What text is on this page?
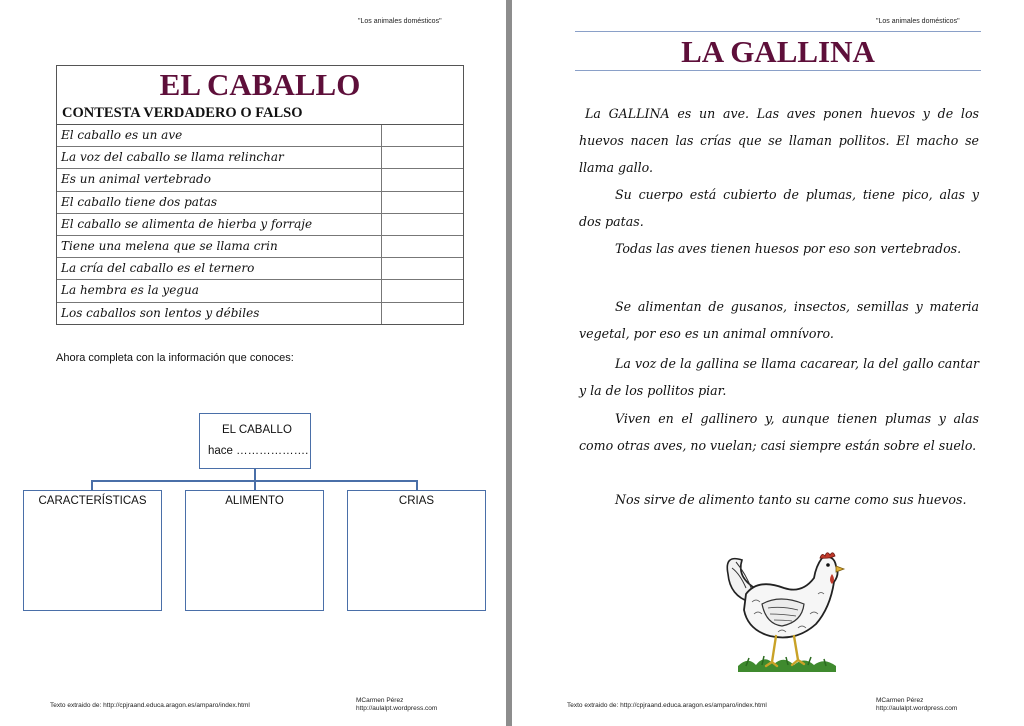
"Los animales domésticos"
EL CABALLO
CONTESTA VERDADERO O FALSO
El caballo es un ave
La voz del caballo se llama relinchar
Es un animal vertebrado
El caballo tiene dos patas
El caballo se alimenta de hierba y forraje
Tiene una melena que se llama crin
La cría del caballo es el ternero
La hembra es la yegua
Los caballos son lentos y débiles
Ahora completa con la información que conoces:
EL CABALLO
hace ……………….
CARACTERÍSTICAS	ALIMENTO	CRIAS
Texto extraido de: http://cpjraand.educa.aragon.es/amparo/index.html
MCarmen Pérez
http://aulalpt.wordpress.com
"Los animales domésticos"
LA GALLINA

La GALLINA es un ave. Las aves ponen huevos y de los huevos nacen las crías que se llaman pollitos. El macho se llama gallo.

Su cuerpo está cubierto de plumas, tiene pico, alas y dos patas.

Todas las aves tienen huesos por eso son vertebrados.

Se alimentan de gusanos, insectos, semillas y materia vegetal, por eso es un animal omnívoro.

La voz de la gallina se llama cacarear, la del gallo cantar y la de los pollitos piar.

Viven en el gallinero y, aunque tienen plumas y alas como otras aves, no vuelan; casi siempre están sobre el suelo.

Nos sirve de alimento tanto su carne como sus huevos.

Texto extraido de: http://cpjraand.educa.aragon.es/amparo/index.html
MCarmen Pérez
http://aulalpt.wordpress.com
